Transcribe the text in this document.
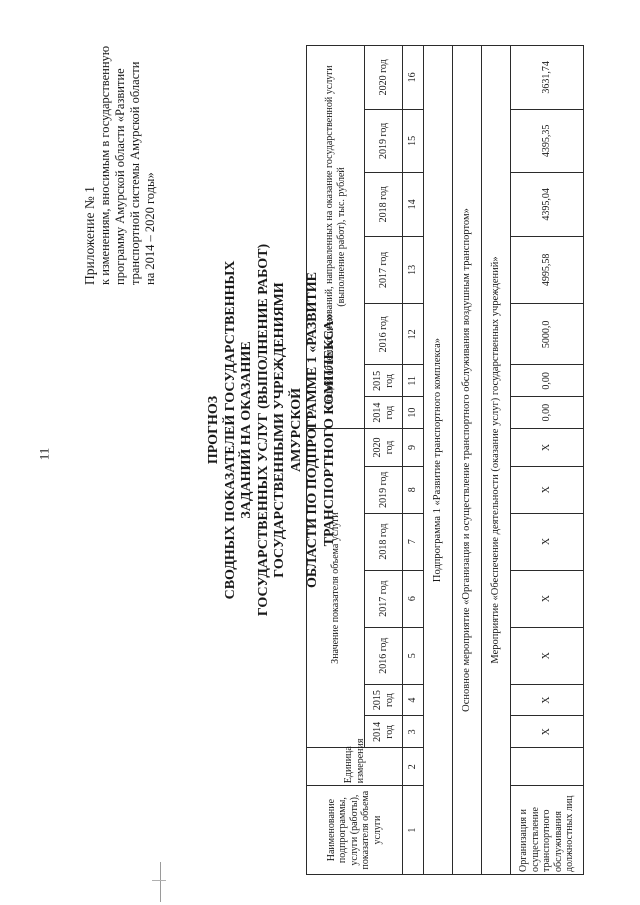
11
Приложение № 1 к изменениям, вносимым в государственную программу Амурской области «Развитие транспортной системы Амурской области на 2014 – 2020 годы»
ПРОГНОЗ СВОДНЫХ ПОКАЗАТЕЛЕЙ ГОСУДАРСТВЕННЫХ ЗАДАНИЙ НА ОКАЗАНИЕ ГОСУДАРСТВЕННЫХ УСЛУГ (ВЫПОЛНЕНИЕ РАБОТ) ГОСУДАРСТВЕННЫМИ УЧРЕЖДЕНИЯМИ АМУРСКОЙ ОБЛАСТИ ПО ПОДПРОГРАММЕ 1 «РАЗВИТИЕ ТРАНСПОРТНОГО КОМПЛЕКСА»
Наименование подпрограммы, услуги (работы), показателя объема услуги	Единица измерения	Значение показателя объема услуги							Общий объем ассигнований, направленных на оказание государственной услуги (выполнение работ), тыс. рублей						
		2014 год	2015 год	2016 год	2017 год	2018 год	2019 год	2020 год	2014 год	2015 год	2016 год	2017 год	2018 год	2019 год	2020 год
1	2	3	4	5	6	7	8	9	10	11	12	13	14	15	16
Подпрограмма 1 «Развитие транспортного комплекса»															
Основное мероприятие «Организация и осуществление транспортного обслуживания воздушным транспортом»															
Мероприятие «Обеспечение деятельности (оказание услуг) государственных учреждений»															
Организация и осуществление транспортного обслуживания должностных лиц		X	X	X	X	X	X	X	0,00	0,00	5000,0	4995,58	4395,04	4395,35	3631,74
